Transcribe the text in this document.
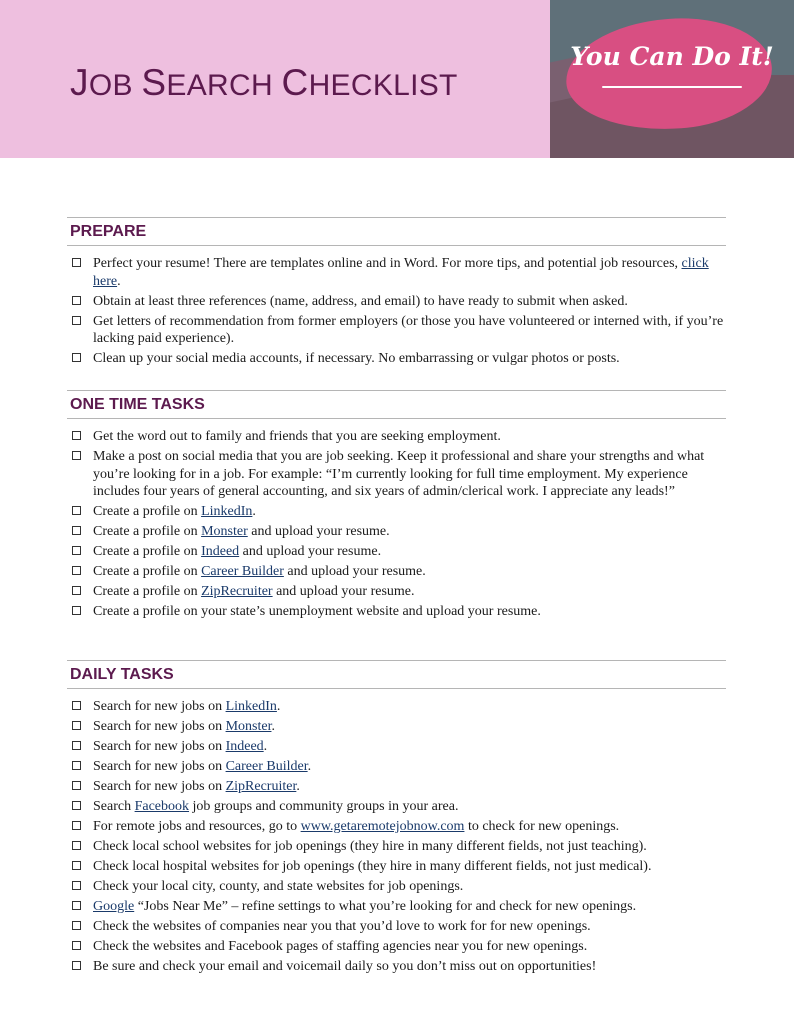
JOB SEARCH CHECKLIST
You Can Do It!
PREPARE
Perfect your resume! There are templates online and in Word. For more tips, and potential job resources, click here.
Obtain at least three references (name, address, and email) to have ready to submit when asked.
Get letters of recommendation from former employers (or those you have volunteered or interned with, if you’re lacking paid experience).
Clean up your social media accounts, if necessary. No embarrassing or vulgar photos or posts.
ONE TIME TASKS
Get the word out to family and friends that you are seeking employment.
Make a post on social media that you are job seeking. Keep it professional and share your strengths and what you’re looking for in a job. For example: “I’m currently looking for full time employment. My experience includes four years of general accounting, and six years of admin/clerical work. I appreciate any leads!”
Create a profile on LinkedIn.
Create a profile on Monster and upload your resume.
Create a profile on Indeed and upload your resume.
Create a profile on Career Builder and upload your resume.
Create a profile on ZipRecruiter and upload your resume.
Create a profile on your state’s unemployment website and upload your resume.
DAILY TASKS
Search for new jobs on LinkedIn.
Search for new jobs on Monster.
Search for new jobs on Indeed.
Search for new jobs on Career Builder.
Search for new jobs on ZipRecruiter.
Search Facebook job groups and community groups in your area.
For remote jobs and resources, go to www.getaremotejobnow.com to check for new openings.
Check local school websites for job openings (they hire in many different fields, not just teaching).
Check local hospital websites for job openings (they hire in many different fields, not just medical).
Check your local city, county, and state websites for job openings.
Google “Jobs Near Me” – refine settings to what you’re looking for and check for new openings.
Check the websites of companies near you that you’d love to work for for new openings.
Check the websites and Facebook pages of staffing agencies near you for new openings.
Be sure and check your email and voicemail daily so you don’t miss out on opportunities!
